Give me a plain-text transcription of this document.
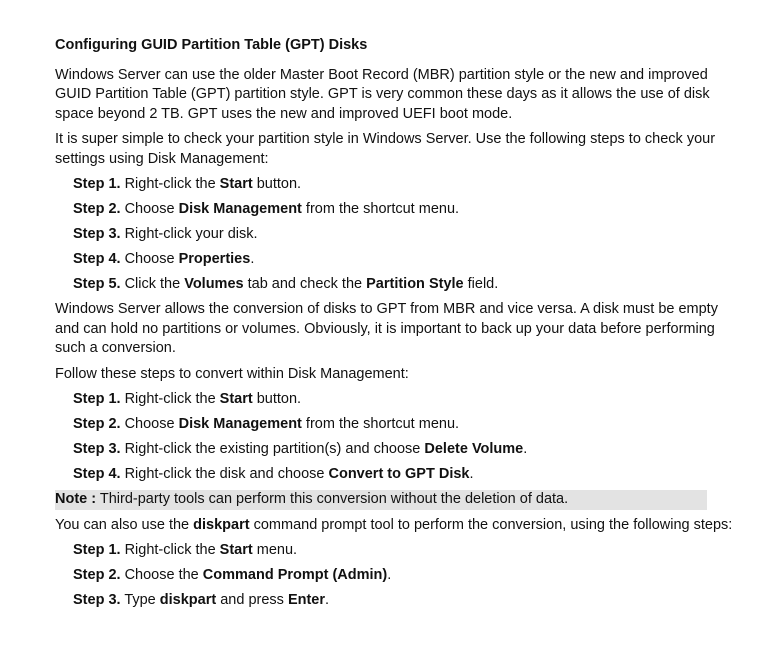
Configuring GUID Partition Table (GPT) Disks

Windows Server can use the older Master Boot Record (MBR) partition style or the new and improved GUID Partition Table (GPT) partition style. GPT is very common these days as it allows the use of disk space beyond 2 TB. GPT uses the new and improved UEFI boot mode.

It is super simple to check your partition style in Windows Server. Use the following steps to check your settings using Disk Management:

Step 1. Right-click the Start button.
Step 2. Choose Disk Management from the shortcut menu.
Step 3. Right-click your disk.
Step 4. Choose Properties.
Step 5. Click the Volumes tab and check the Partition Style field.

Windows Server allows the conversion of disks to GPT from MBR and vice versa. A disk must be empty and can hold no partitions or volumes. Obviously, it is important to back up your data before performing such a conversion.

Follow these steps to convert within Disk Management:

Step 1. Right-click the Start button.
Step 2. Choose Disk Management from the shortcut menu.
Step 3. Right-click the existing partition(s) and choose Delete Volume.
Step 4. Right-click the disk and choose Convert to GPT Disk.
Note : Third-party tools can perform this conversion without the deletion of data.

You can also use the diskpart command prompt tool to perform the conversion, using the following steps:

Step 1. Right-click the Start menu.
Step 2. Choose the Command Prompt (Admin).
Step 3. Type diskpart and press Enter.
